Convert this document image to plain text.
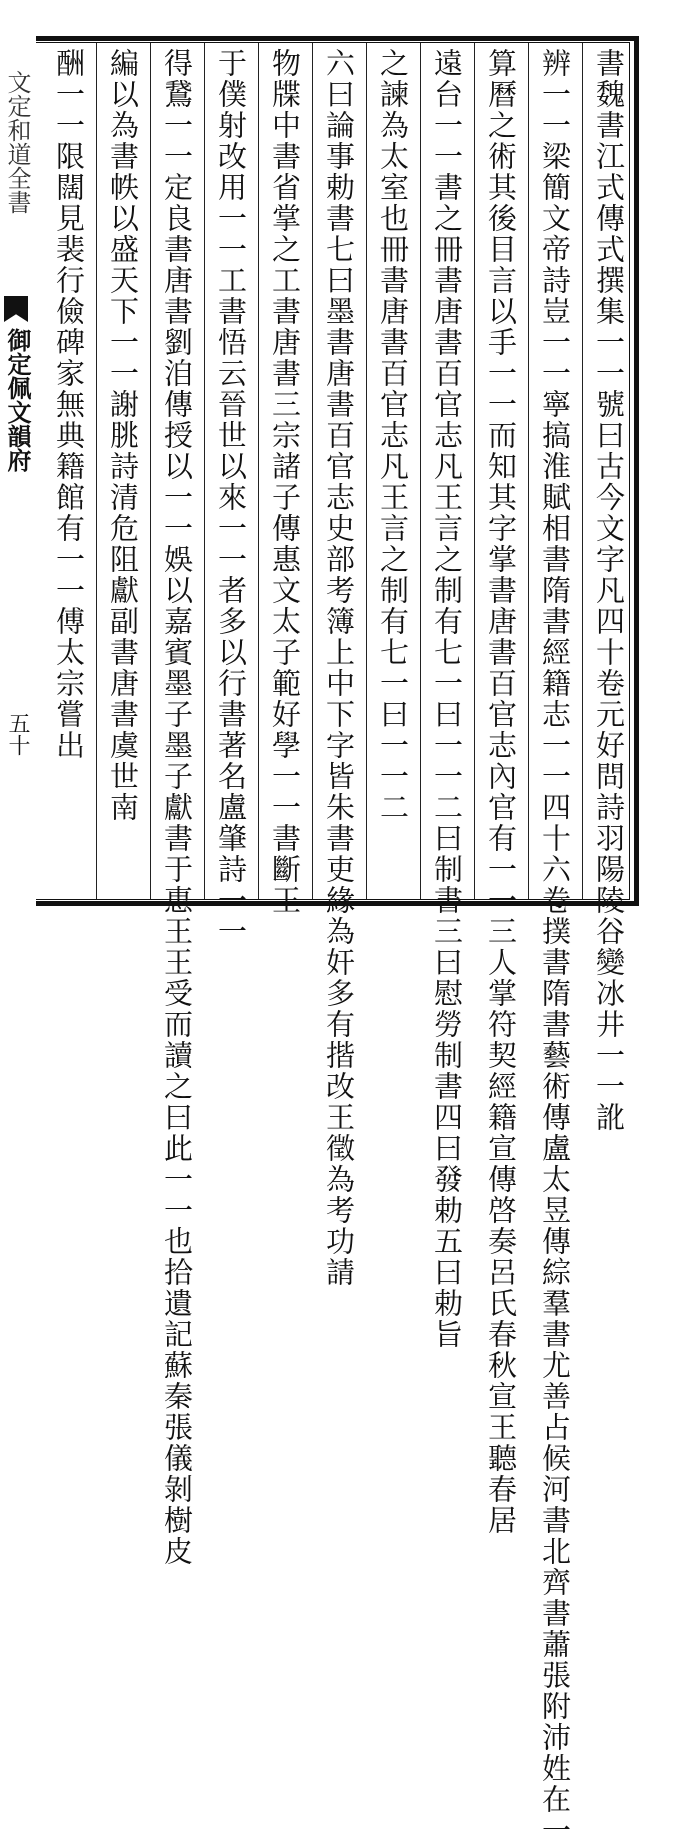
文定和道全書
御定佩文韻府
五十	書魏書江式傳式撰集一一號曰古今文字凡四十卷元好問詩羽陽陵谷變冰井一一訛
辨一一梁簡文帝詩豈一一寧搞淮賦相書隋書經籍志一一四十六卷撲書隋書藝術傳盧太昱傳綜羣書尤善占候河書北齊書蕭張附沛姓在一
算曆之術其後目言以手一一而知其字掌書唐書百官志內官有一一三人掌符契經籍宣傳啓奏呂氏春秋宣王聽春居
遠台一一書之冊書唐書百官志凡王言之制有七一曰一一二曰制書三曰慰勞制書四曰發勅五曰勅旨
之諫為太室也冊書唐書百官志凡王言之制有七一曰一一二
六曰論事勅書七曰墨書唐書百官志史部考簿上中下字皆朱書吏緣為奸多有揩改王徵為考功請
物牒中書省掌之工書唐書三宗諸子傳惠文太子範好學一一書斷王
于僕射改用一一工書悟云晉世以來一一者多以行書著名盧肇詩一一
得鵞一一定良書唐書劉洎傳授以一一娛以嘉賓墨子墨子獻書于惠王王受而讀之曰此一一也拾遺記蘇秦張儀剝樹皮
編以為書帙以盛天下一一謝朓詩清危阻獻副書唐書虞世南
酬一一限闊見裴行儉碑家無典籍館有一一傅太宗嘗出
